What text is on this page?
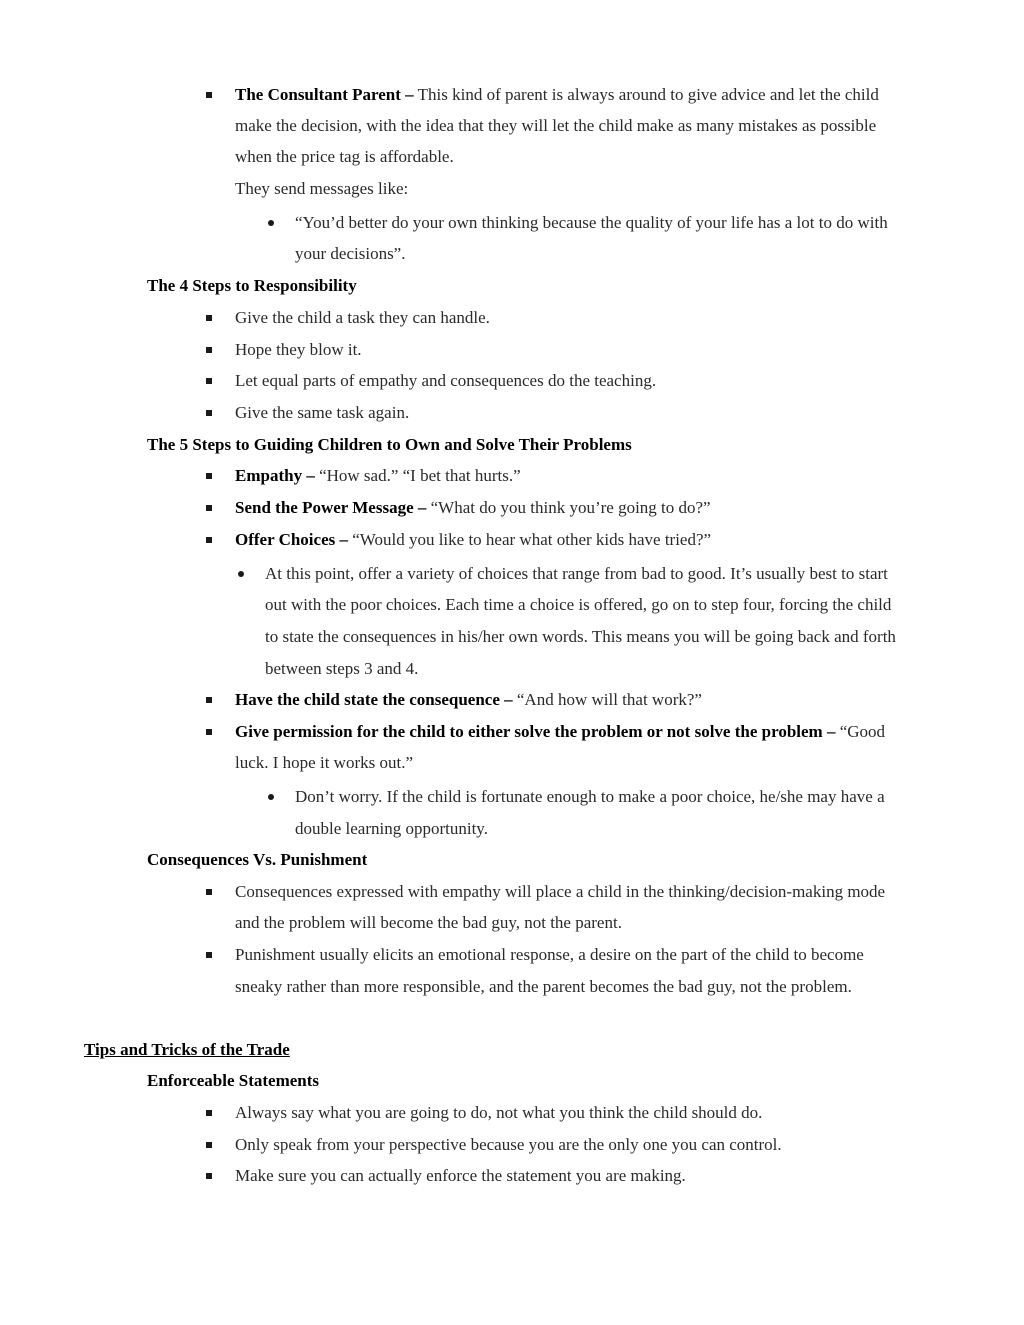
The Consultant Parent – This kind of parent is always around to give advice and let the child
make the decision, with the idea that they will let the child make as many mistakes as possible
when the price tag is affordable.
They send messages like:
“You’d better do your own thinking because the quality of your life has a lot to do with
your decisions”.
The 4 Steps to Responsibility
Give the child a task they can handle.
Hope they blow it.
Let equal parts of empathy and consequences do the teaching.
Give the same task again.
The 5 Steps to Guiding Children to Own and Solve Their Problems
Empathy – “How sad.” “I bet that hurts.”
Send the Power Message – “What do you think you’re going to do?”
Offer Choices – “Would you like to hear what other kids have tried?”
At this point, offer a variety of choices that range from bad to good. It’s usually best to start
out with the poor choices. Each time a choice is offered, go on to step four, forcing the child
to state the consequences in his/her own words. This means you will be going back and forth
between steps 3 and 4.
Have the child state the consequence – “And how will that work?”
Give permission for the child to either solve the problem or not solve the problem – “Good
luck. I hope it works out.”
Don’t worry. If the child is fortunate enough to make a poor choice, he/she may have a
double learning opportunity.
Consequences Vs. Punishment
Consequences expressed with empathy will place a child in the thinking/decision-making mode
and the problem will become the bad guy, not the parent.
Punishment usually elicits an emotional response, a desire on the part of the child to become
sneaky rather than more responsible, and the parent becomes the bad guy, not the problem.
Tips and Tricks of the Trade
Enforceable Statements
Always say what you are going to do, not what you think the child should do.
Only speak from your perspective because you are the only one you can control.
Make sure you can actually enforce the statement you are making.
